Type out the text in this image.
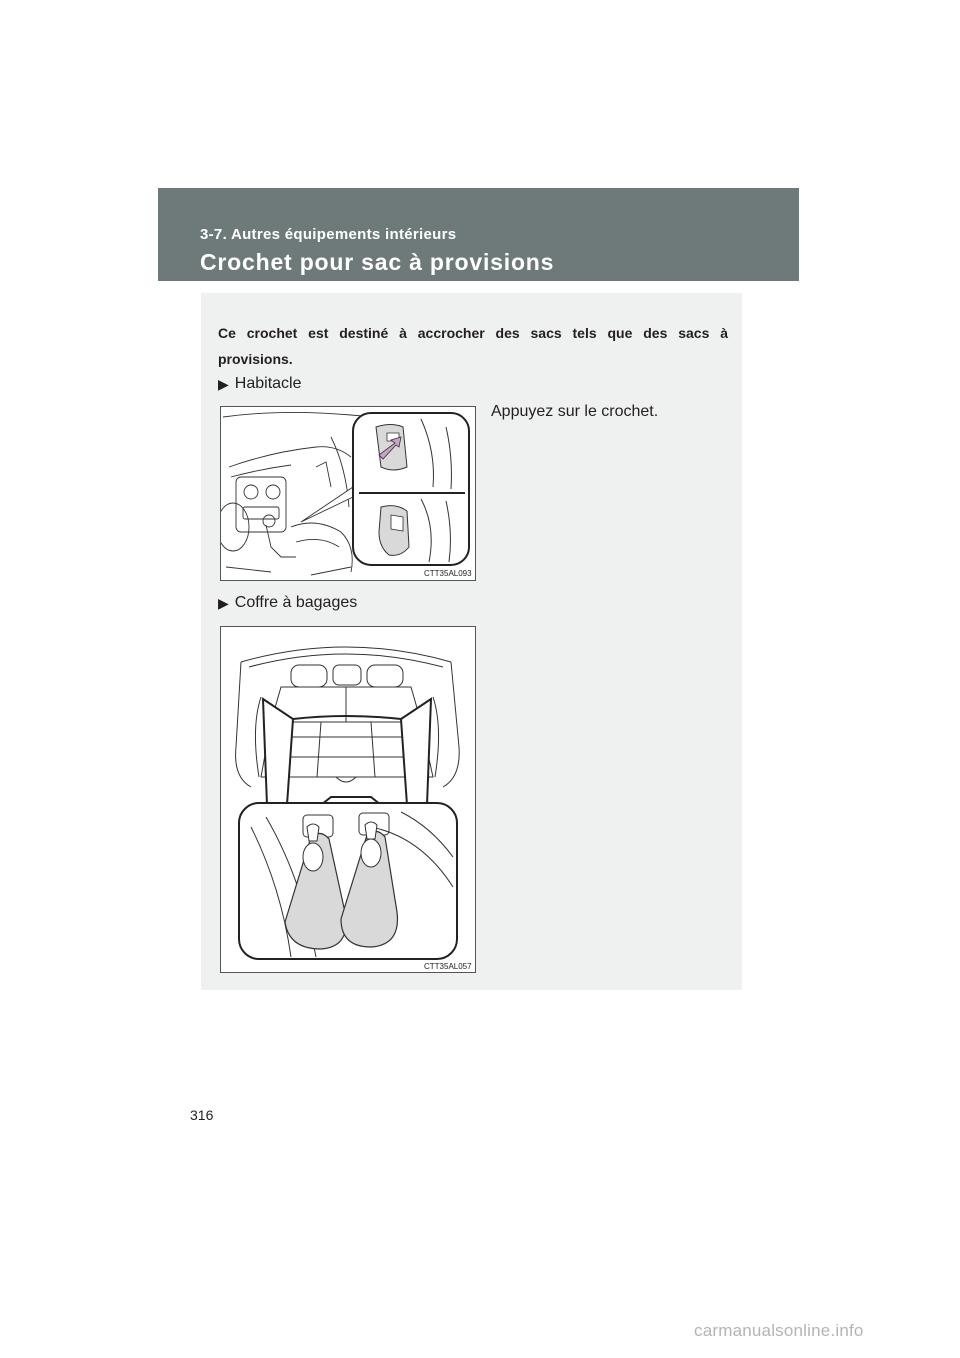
3-7. Autres équipements intérieurs
Crochet pour sac à provisions
Ce crochet est destiné à accrocher des sacs tels que des sacs à provisions.
▶ Habitacle
Appuyez sur le crochet.
CTT35AL093
▶ Coffre à bagages
CTT35AL057
316
carmanualsonline.info
